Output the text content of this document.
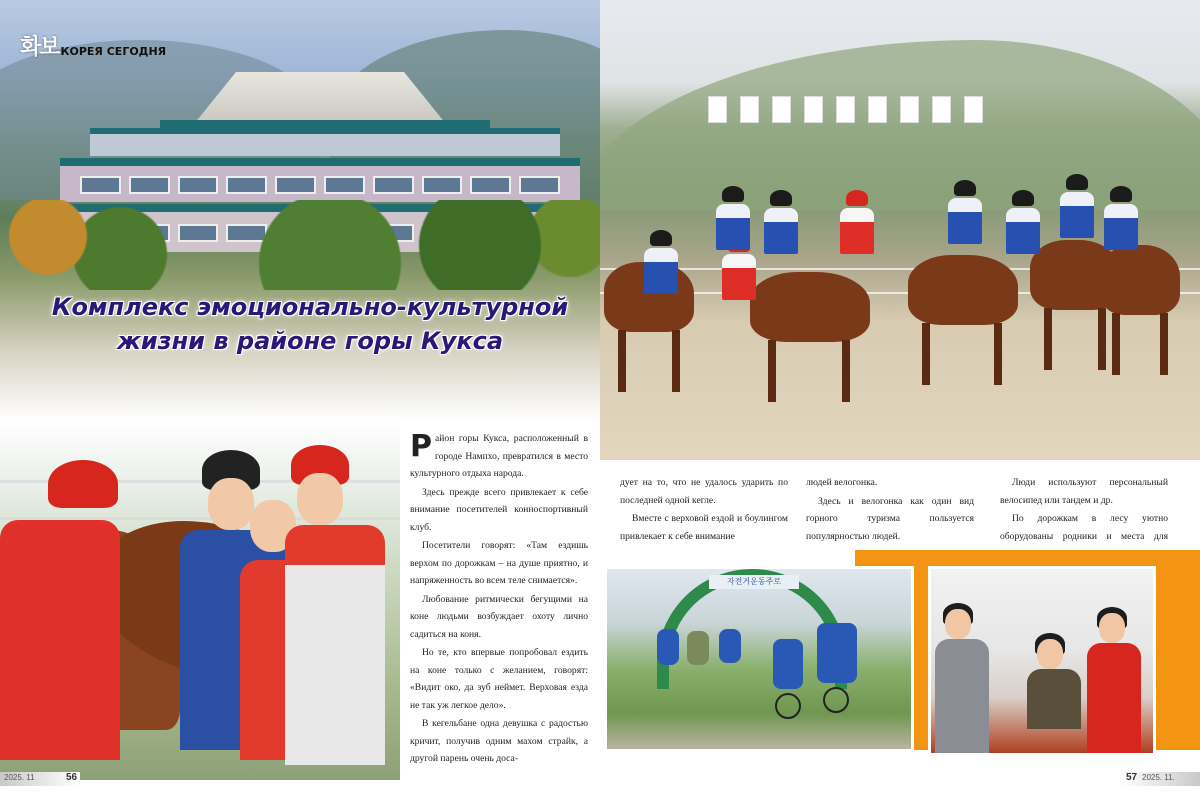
화보 КОРЕЯ СЕГОДНЯ
Комплекс эмоционально-культурной
жизни в районе горы Кукса

Район горы Кукса, расположенный в городе Нампхо, превратился в место культурного отдыха народа.

Здесь прежде всего привлекает к себе внимание посетителей конноспортивный клуб.

Посетители говорят: «Там ездишь верхом по дорожкам – на душе приятно, и напряженность во всем теле снимается».

Любование ритмически бегущими на коне людьми возбуждает охоту лично садиться на коня.

Но те, кто впервые попробовал ездить на коне только с желанием, говорят: «Видит око, да зуб неймет. Верховая езда не так уж легкое дело».

В кегельбане одна девушка с радостью кричит, получив одним махом страйк, а другой парень очень доса-

2025. 11	56

дует на то, что не удалось ударить по последней одной кегле.

Вместе с верховой ездой и боулингом привлекает к себе внимание

людей велогонка.

Здесь и велогонка как один вид горного туризма пользуется популярностью людей.

Люди используют персональный велосипед или тандем и др.

По дорожкам в лесу уютно оборудованы родники и места для

자전거운동주로
57 2025. 11.
